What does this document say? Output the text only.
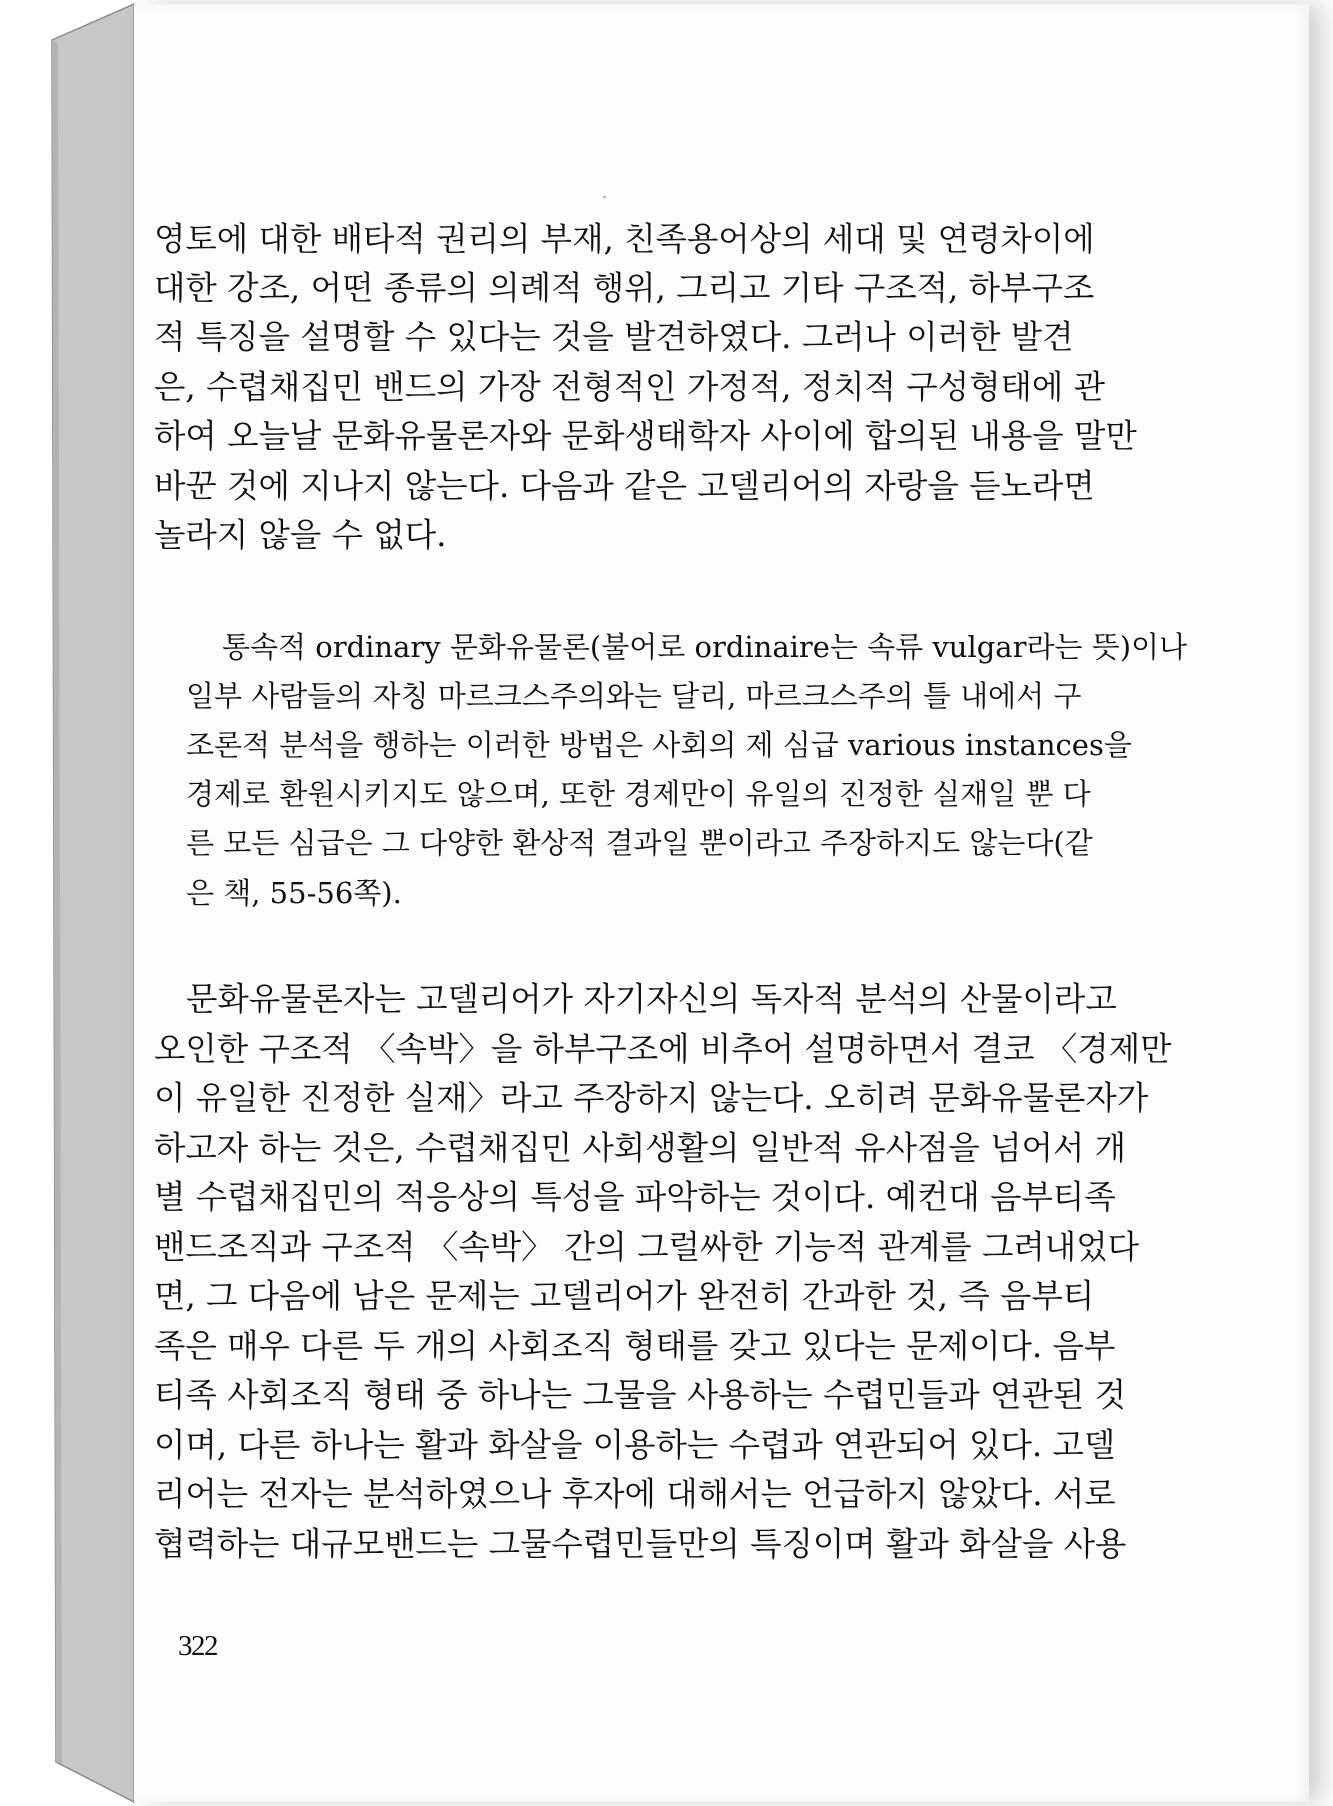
영토에 대한 배타적 권리의 부재, 친족용어상의 세대 및 연령차이에
대한 강조, 어떤 종류의 의례적 행위, 그리고 기타 구조적, 하부구조
적 특징을 설명할 수 있다는 것을 발견하였다. 그러나 이러한 발견
은, 수렵채집민 밴드의 가장 전형적인 가정적, 정치적 구성형태에 관
하여 오늘날 문화유물론자와 문화생태학자 사이에 합의된 내용을 말만
바꾼 것에 지나지 않는다. 다음과 같은 고델리어의 자랑을 듣노라면
놀라지 않을 수 없다.
통속적 ordinary 문화유물론(불어로 ordinaire는 속류 vulgar라는 뜻)이나
일부 사람들의 자칭 마르크스주의와는 달리, 마르크스주의 틀 내에서 구
조론적 분석을 행하는 이러한 방법은 사회의 제 심급 various instances을
경제로 환원시키지도 않으며, 또한 경제만이 유일의 진정한 실재일 뿐 다
른 모든 심급은 그 다양한 환상적 결과일 뿐이라고 주장하지도 않는다(같
은 책, 55-56쪽).
문화유물론자는 고델리어가 자기자신의 독자적 분석의 산물이라고
오인한 구조적 〈속박〉을 하부구조에 비추어 설명하면서 결코 〈경제만
이 유일한 진정한 실재〉라고 주장하지 않는다. 오히려 문화유물론자가
하고자 하는 것은, 수렵채집민 사회생활의 일반적 유사점을 넘어서 개
별 수렵채집민의 적응상의 특성을 파악하는 것이다. 예컨대 음부티족
밴드조직과 구조적 〈속박〉 간의 그럴싸한 기능적 관계를 그려내었다
면, 그 다음에 남은 문제는 고델리어가 완전히 간과한 것, 즉 음부티
족은 매우 다른 두 개의 사회조직 형태를 갖고 있다는 문제이다. 음부
티족 사회조직 형태 중 하나는 그물을 사용하는 수렵민들과 연관된 것
이며, 다른 하나는 활과 화살을 이용하는 수렵과 연관되어 있다. 고델
리어는 전자는 분석하였으나 후자에 대해서는 언급하지 않았다. 서로
협력하는 대규모밴드는 그물수렵민들만의 특징이며 활과 화살을 사용
322
